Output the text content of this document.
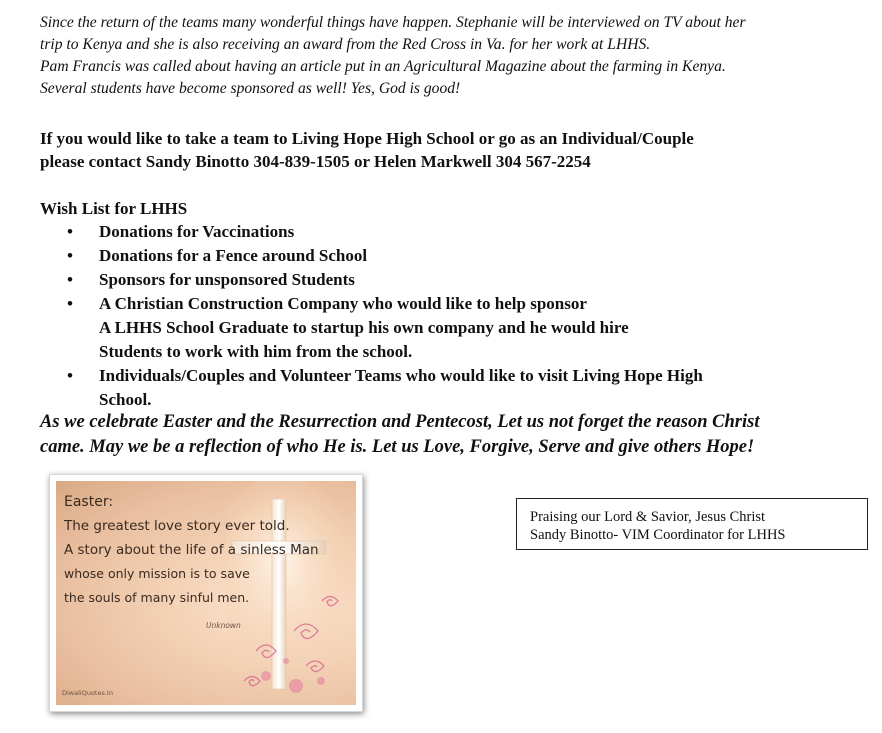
Since the return of the teams many wonderful things have happen. Stephanie will be interviewed on TV about her

trip to Kenya and she is also receiving an award from the Red Cross in Va. for her work at LHHS.

Pam Francis was called about having an article put in an Agricultural Magazine about the farming in Kenya.

Several students have become sponsored as well! Yes, God is good!

If you would like to take a team to Living Hope High School or go as an Individual/Couple
please contact Sandy Binotto 304-839-1505 or Helen Markwell 304 567-2254
Wish List for LHHS
• Donations for Vaccinations
• Donations for a Fence around School
• Sponsors for unsponsored Students
• A Christian Construction Company who would like to help sponsor
A LHHS School Graduate to startup his own company and he would hire
Students to work with him from the school.
• Individuals/Couples and Volunteer Teams who would like to visit Living Hope High
School.
As we celebrate Easter and the Resurrection and Pentecost, Let us not forget the reason Christ
came. May we be a reflection of who He is. Let us Love, Forgive, Serve and give others Hope!
Easter:
The greatest love story ever told.
A story about the life of a sinless Man
whose only mission is to save
the souls of many sinful men.
Unknown
DiwaliQuotes.In
Praising our Lord & Savior, Jesus Christ
Sandy Binotto- VIM Coordinator for LHHS
